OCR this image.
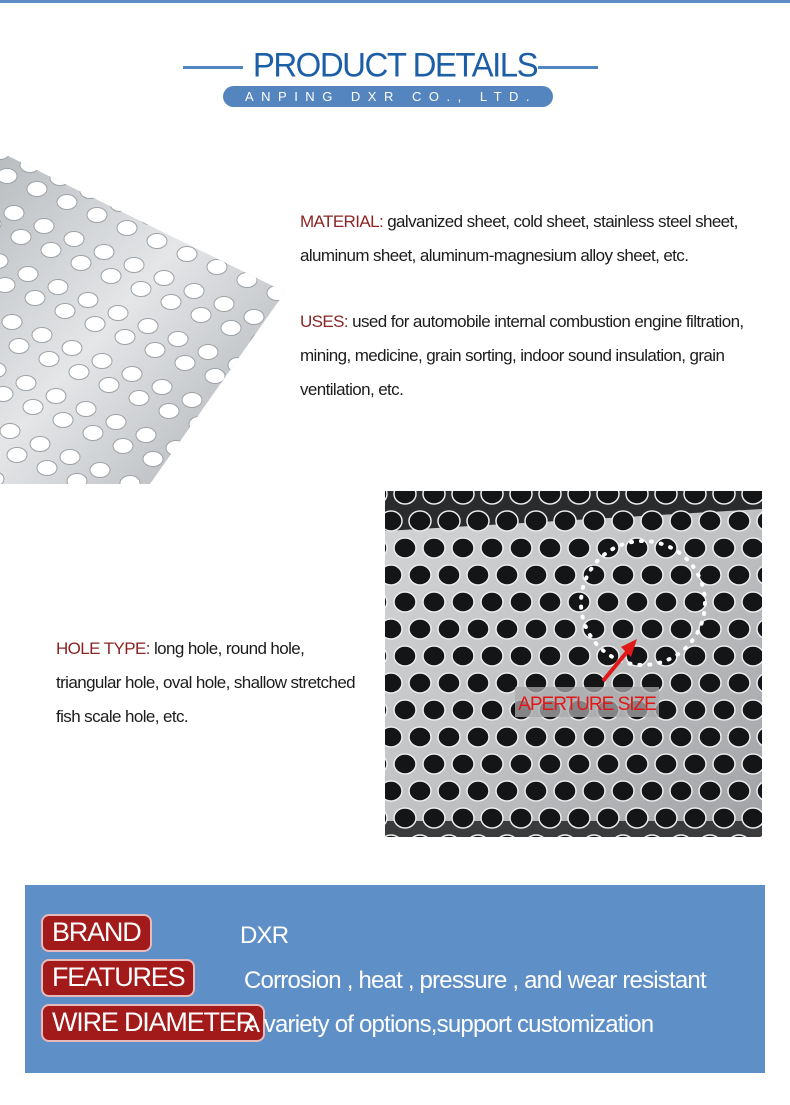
PRODUCT DETAILS
ANPING DXR CO., LTD.
MATERIAL: galvanized sheet, cold sheet, stainless steel sheet, aluminum sheet, aluminum-magnesium alloy sheet, etc.
USES: used for automobile internal combustion engine filtration, mining, medicine, grain sorting, indoor sound insulation, grain ventilation, etc.
HOLE TYPE: long hole, round hole, triangular hole, oval hole, shallow stretched fish scale hole, etc.
APERTURE SIZE
BRAND	DXR
FEATURES	Corrosion , heat , pressure , and wear resistant
WIRE DIAMETER
A variety of options,support customization
